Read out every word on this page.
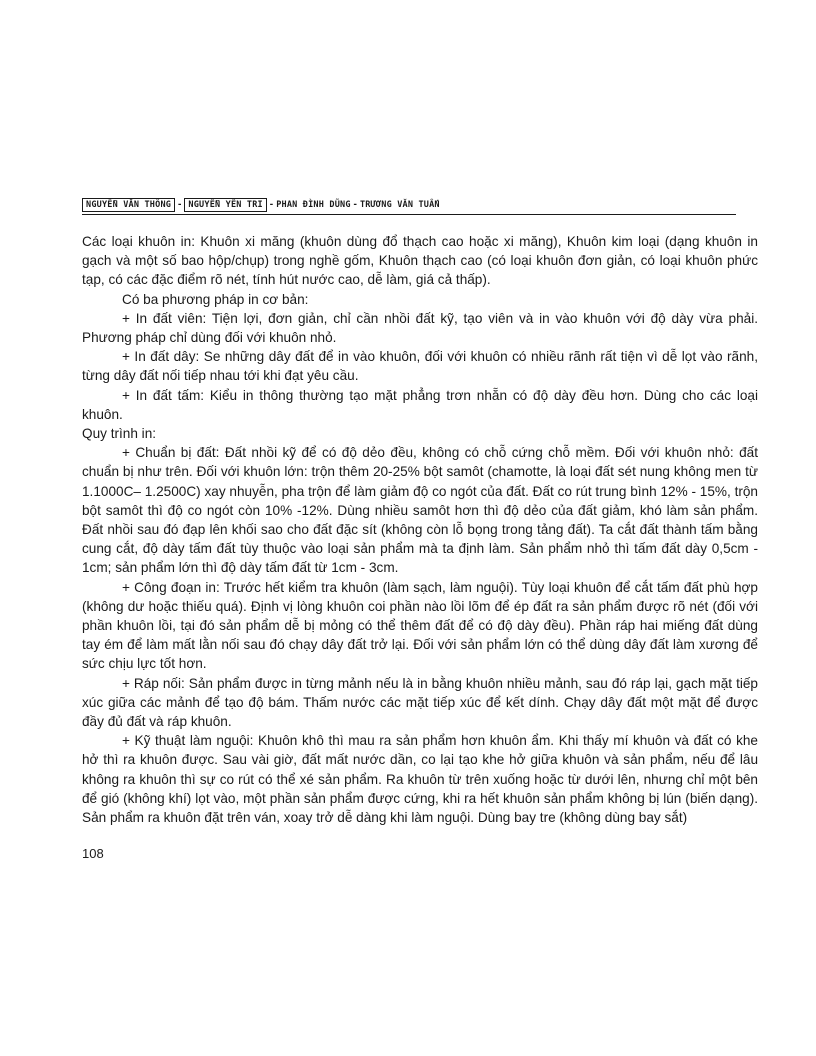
NGUYỄN VĂN THÔNG - NGUYỄN YÊN TRI - PHAN ĐÌNH DŨNG - TRƯƠNG VĂN TUẤN

Các loại khuôn in: Khuôn xi măng (khuôn dùng đổ thạch cao hoặc xi măng), Khuôn kim loại (dạng khuôn in gạch và một số bao hộp/chụp) trong nghề gốm, Khuôn thạch cao (có loại khuôn đơn giản, có loại khuôn phức tạp, có các đặc điểm rõ nét, tính hút nước cao, dễ làm, giá cả thấp).

Có ba phương pháp in cơ bản:

+ In đất viên: Tiện lợi, đơn giản, chỉ cần nhồi đất kỹ, tạo viên và in vào khuôn với độ dày vừa phải. Phương pháp chỉ dùng đối với khuôn nhỏ.

+ In đất dây: Se những dây đất để in vào khuôn, đối với khuôn có nhiều rãnh rất tiện vì dễ lọt vào rãnh, từng dây đất nối tiếp nhau tới khi đạt yêu cầu.

+ In đất tấm: Kiểu in thông thường tạo mặt phẳng trơn nhẵn có độ dày đều hơn. Dùng cho các loại khuôn.

Quy trình in:

+ Chuẩn bị đất: Đất nhồi kỹ để có độ dẻo đều, không có chỗ cứng chỗ mềm. Đối với khuôn nhỏ: đất chuẩn bị như trên. Đối với khuôn lớn: trộn thêm 20-25% bột samôt (chamotte, là loại đất sét nung không men từ 1.1000C– 1.2500C) xay nhuyễn, pha trộn để làm giảm độ co ngót của đất. Đất co rút trung bình 12% - 15%, trộn bột samôt thì độ co ngót còn 10% -12%. Dùng nhiều samôt hơn thì độ dẻo của đất giảm, khó làm sản phẩm. Đất nhồi sau đó đạp lên khối sao cho đất đặc sít (không còn lỗ bọng trong tảng đất). Ta cắt đất thành tấm bằng cung cắt, độ dày tấm đất tùy thuộc vào loại sản phẩm mà ta định làm. Sản phẩm nhỏ thì tấm đất dày 0,5cm - 1cm; sản phẩm lớn thì độ dày tấm đất từ 1cm - 3cm.

+ Công đoạn in: Trước hết kiểm tra khuôn (làm sạch, làm nguội). Tùy loại khuôn để cắt tấm đất phù hợp (không dư hoặc thiếu quá). Định vị lòng khuôn coi phần nào lồi lõm để ép đất ra sản phẩm được rõ nét (đối với phần khuôn lồi, tại đó sản phẩm dễ bị mỏng có thể thêm đất để có độ dày đều). Phần ráp hai miếng đất dùng tay ém để làm mất lằn nối sau đó chạy dây đất trở lại. Đối với sản phẩm lớn có thể dùng dây đất làm xương để sức chịu lực tốt hơn.

+ Ráp nối: Sản phẩm được in từng mảnh nếu là in bằng khuôn nhiều mảnh, sau đó ráp lại, gạch mặt tiếp xúc giữa các mảnh để tạo độ bám. Thấm nước các mặt tiếp xúc để kết dính. Chạy dây đất một mặt để được đầy đủ đất và ráp khuôn.

+ Kỹ thuật làm nguội: Khuôn khô thì mau ra sản phẩm hơn khuôn ẩm. Khi thấy mí khuôn và đất có khe hở thì ra khuôn được. Sau vài giờ, đất mất nước dần, co lại tạo khe hở giữa khuôn và sản phẩm, nếu để lâu không ra khuôn thì sự co rút có thể xé sản phẩm. Ra khuôn từ trên xuống hoặc từ dưới lên, nhưng chỉ một bên để gió (không khí) lọt vào, một phần sản phẩm được cứng, khi ra hết khuôn sản phẩm không bị lún (biến dạng). Sản phẩm ra khuôn đặt trên ván, xoay trở dễ dàng khi làm nguội. Dùng bay tre (không dùng bay sắt)

108
